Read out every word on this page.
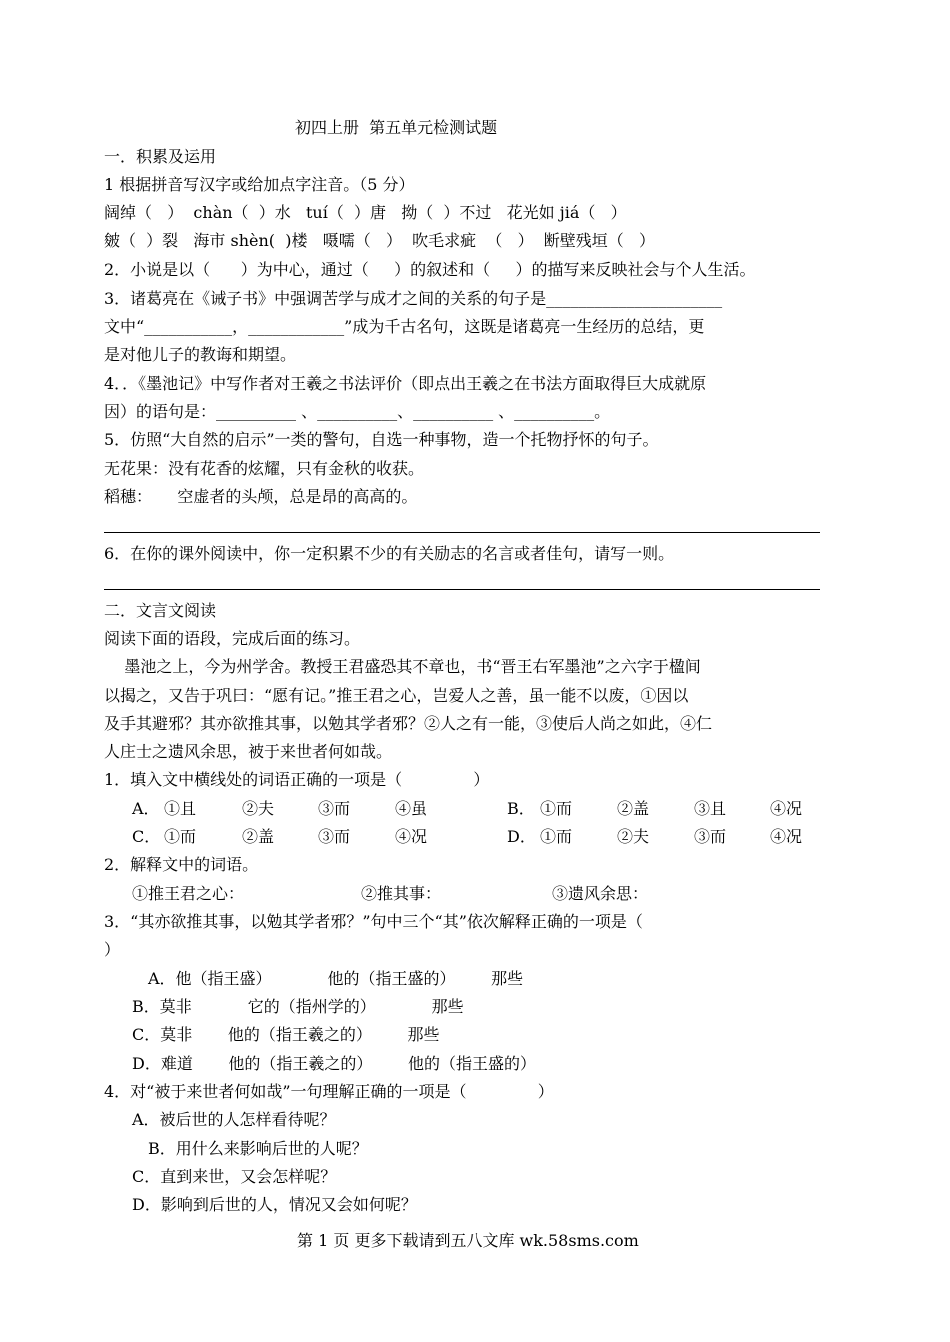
初四上册  第五单元检测试题
一．积累及运用
1 根据拼音写汉字或给加点字注音。（5 分）
阔绰（   ）  chàn（  ）水   tuí（  ）唐   拗（  ）不过   花光如 jiá（   ）
皴（  ）裂   海市 shèn(  )楼   嗫嚅（   ）  吹毛求疵  （   ）  断壁残垣（   ）
2．小说是以（      ）为中心，通过（     ）的叙述和（     ）的描写来反映社会与个人生活。
3．诸葛亮在《诫子书》中强调苦学与成才之间的关系的句子是______________________
文中“___________，____________”成为千古名句，这既是诸葛亮一生经历的总结，更
是对他儿子的教诲和期望。
4．．《墨池记》中写作者对王羲之书法评价（即点出王羲之在书法方面取得巨大成就原
因）的语句是：__________ 、__________、__________ 、__________。
5．仿照“大自然的启示”一类的警句，自选一种事物，造一个托物抒怀的句子。
无花果：没有花香的炫耀，只有金秋的收获。
稻穗：     空虚者的头颅，总是昂的高高的。
6．在你的课外阅读中，你一定积累不少的有关励志的名言或者佳句，请写一则。
二．文言文阅读
阅读下面的语段，完成后面的练习。
墨池之上，今为州学舍。教授王君盛恐其不章也，书“晋王右军墨池”之六字于楹间
以揭之，又告于巩曰：“愿有记。”推王君之心，岂爱人之善，虽一能不以废，①因以
及手其避邪？其亦欲推其事，以勉其学者邪？②人之有一能，③使后人尚之如此，④仁
人庄士之遗风余思，被于来世者何如哉。
1．填入文中横线处的词语正确的一项是（              ）
A． ①且	②夫	③而	④虽	B． ①而	②盖	③且	④况
C． ①而	②盖	③而	④况	D． ①而	②夫	③而	④况
2．解释文中的词语。
①推王君之心：	②推其事：	③遗风余思：
3．“其亦欲推其事，以勉其学者邪？”句中三个“其”依次解释正确的一项是（
）
A．他（指王盛）           他的（指王盛的）       那些
B．莫非           它的（指州学的）           那些
C．莫非       他的（指王羲之的）       那些
D．难道       他的（指王羲之的）       他的（指王盛的）
4．对“被于来世者何如哉”一句理解正确的一项是（              ）
A．被后世的人怎样看待呢？
B．用什么来影响后世的人呢？
C．直到来世，又会怎样呢？
D．影响到后世的人，情况又会如何呢？
第 1 页 更多下载请到五八文库 wk.58sms.com
